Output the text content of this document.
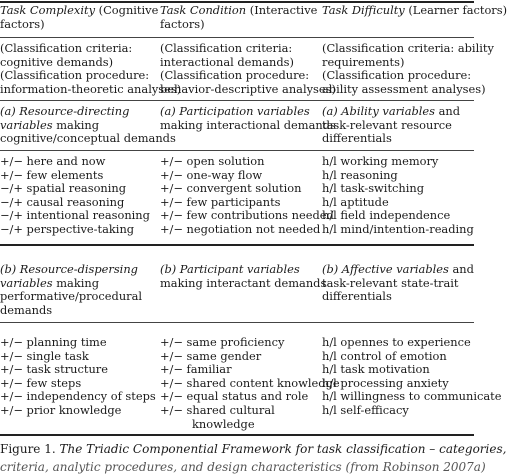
Task Complexity (Cognitive
factors)
Task Condition (Interactive
factors)
Task Difficulty (Learner factors)
(Classification criteria:
cognitive demands)
(Classification procedure:
information-theoretic analyses)
(Classification criteria:
interactional demands)
(Classification procedure:
behavior-descriptive analyses)
(Classification criteria: ability
requirements)
(Classification procedure:
ability assessment analyses)
(a) Resource-directing
variables making
cognitive/conceptual demands
(a) Participation variables
making interactional demands
(a) Ability variables and
task-relevant resource
differentials
+/− here and now
+/− few elements
−/+ spatial reasoning
−/+ causal reasoning
−/+ intentional reasoning
−/+ perspective-taking
+/− open solution
+/− one-way flow
+/− convergent solution
+/− few participants
+/− few contributions needed
+/− negotiation not needed
h/l working memory
h/l reasoning
h/l task-switching
h/l aptitude
h/l field independence
h/l mind/intention-reading
(b) Resource-dispersing
variables making
performative/procedural
demands
(b) Participant variables
making interactant demands
(b) Affective variables and
task-relevant state-trait
differentials
+/− planning time
+/− single task
+/− task structure
+/− few steps
+/− independency of steps
+/− prior knowledge
+/− same proficiency
+/− same gender
+/− familiar
+/− shared content knowledge
+/− equal status and role
+/− shared cultural
knowledge
h/l opennes to experience
h/l control of emotion
h/l task motivation
h/l processing anxiety
h/l willingness to communicate
h/l self-efficacy
Figure 1. The Triadic Componential Framework for task classification – categories,
criteria, analytic procedures, and design characteristics (from Robinson 2007a)
